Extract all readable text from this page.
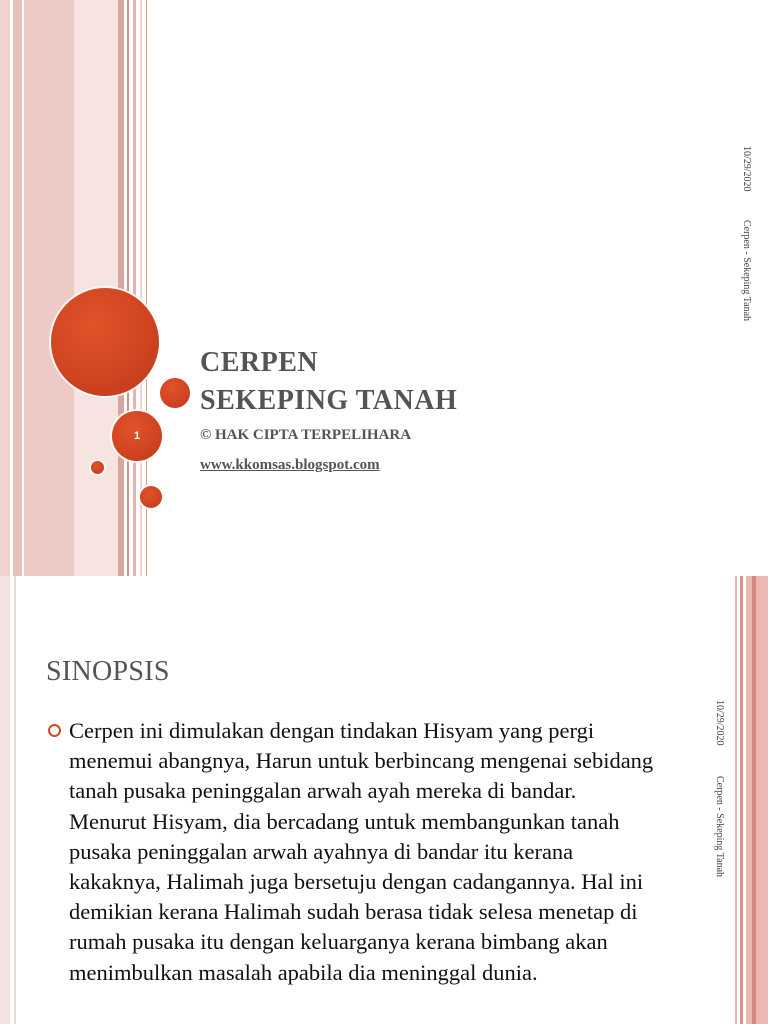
1
CERPEN
SEKEPING TANAH

© HAK CIPTA TERPELIHARA

www.kkomsas.blogspot.com

10/29/2020
Cerpen - Sekeping Tanah
SINOPSIS

Cerpen ini dimulakan dengan tindakan Hisyam yang pergi menemui abangnya, Harun untuk berbincang mengenai sebidang tanah pusaka peninggalan arwah ayah mereka di bandar. Menurut Hisyam, dia bercadang untuk membangunkan tanah pusaka peninggalan arwah ayahnya di bandar itu kerana kakaknya, Halimah juga bersetuju dengan cadangannya. Hal ini demikian kerana Halimah sudah berasa tidak selesa menetap di rumah pusaka itu dengan keluarganya kerana bimbang akan menimbulkan masalah apabila dia meninggal dunia.

10/29/2020
Cerpen - Sekeping Tanah
